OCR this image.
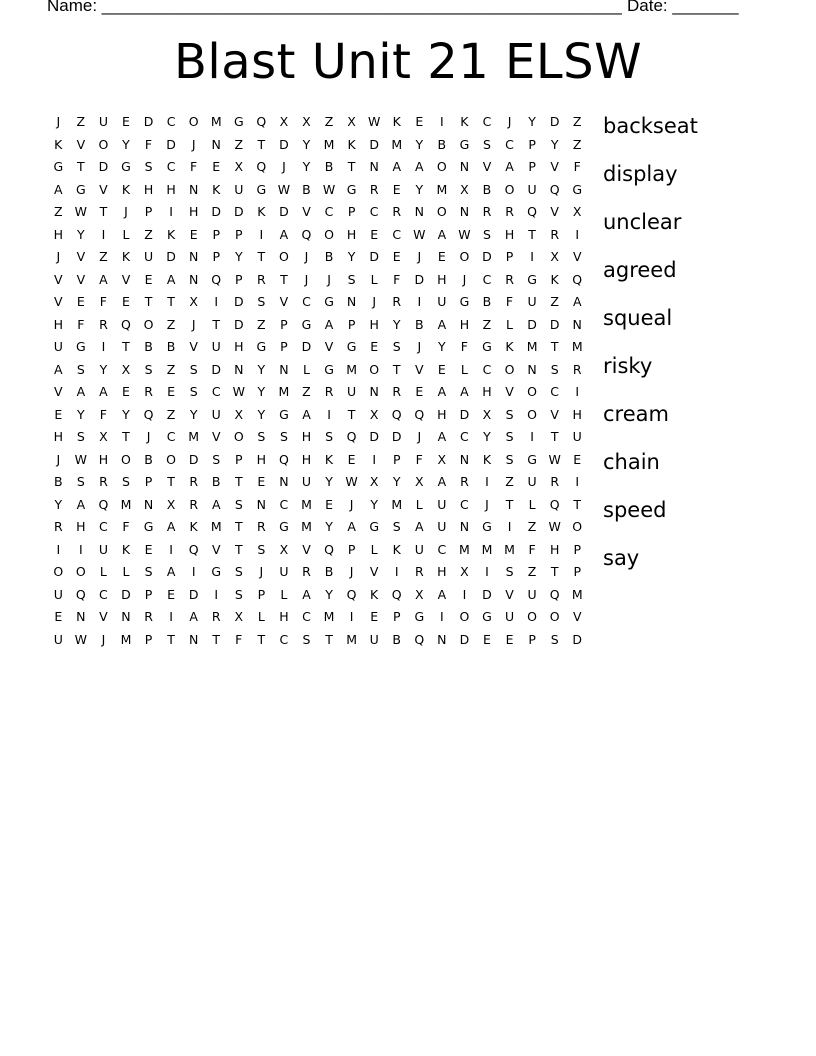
Name: _______________________________________________________ Date: _______
Blast Unit 21 ELSW
J	Z	U	E	D	C	O M G	Q	X	X	Z	X W K	E	I	K	C	J	Y	D	Z
K	V	O	Y	F	D	J	N	Z	T	D	Y	M	K	D M	Y	B	G	S	C	P	Y	Z
G	T	D	G	S	C	F	E	X	Q	J	Y	B	T	N	A	A	O	N	V	A	P	V	F
A	G	V	K	H	H	N	K	U	G W B W G	R	E	Y	M	X	B	O	U	Q	G
Z W	T	J	P	I	H	D	D	K	D	V	C	P	C	R	N	O	N	R	R	Q	V	X
H	Y	I	L	Z	K	E	P	P	I	A	Q	O	H	E	C W A W S	H	T	R	I
J	V	Z	K	U	D	N	P	Y	T	O	J	B	Y	D	E	J	E	O	D	P	I	X	V
V	V	A	V	E	A	N	Q	P	R	T	J	J	S	L	F	D	H	J	C	R	G	K	Q
V	E	F	E	T	T	X	I	D	S	V	C	G	N	J	R	I	U	G	B	F	U	Z	A
H	F	R	Q	O	Z	J	T	D	Z	P	G	A	P	H	Y	B	A	H	Z	L	D	D	N
U	G	I	T	B	B	V	U	H	G	P	D	V	G	E	S	J	Y	F	G	K	M	T	M
A	S	Y	X	S	Z	S	D	N	Y	N	L	G M O	T	V	E	L	C	O	N	S	R
V	A	A	E	R	E	S	C W	Y	M	Z	R	U	N	R	E	A	A	H	V	O	C	I
E	Y	F	Y	Q	Z	Y	U	X	Y	G	A	I	T	X	Q	Q	H	D	X	S	O	V	H
H	S	X	T	J	C	M	V	O	S	S	H	S	Q	D	D	J	A	C	Y	S	I	T	U
J	W H	O	B	O	D	S	P	H	Q	H	K	E	I	P	F	X	N	K	S	G W E
B	S	R	S	P	T	R	B	T	E	N	U	Y	W X	Y	X	A	R	I	Z	U	R	I
Y	A	Q M N	X	R	A	S	N	C	M	E	J	Y	M	L	U	C	J	T	L	Q	T
R	H	C	F	G	A	K	M	T	R	G M	Y	A	G	S	A	U	N	G	I	Z W O
I	I	U	K	E	I	Q	V	T	S	X	V	Q	P	L	K	U	C	M M M	F	H	P
O	O	L	L	S	A	I	G	S	J	U	R	B	J	V	I	R	H	X	I	S	Z	T	P
U	Q	C	D	P	E	D	I	S	P	L	A	Y	Q	K	Q	X	A	I	D	V	U	Q M
E	N	V	N	R	I	A	R	X	L	H	C	M	I	E	P	G	I	O	G	U	O	O	V
U W	J	M	P	T	N	T	F	T	C	S	T	M	U	B	Q	N	D	E	E	P	S	D
backseat
display
unclear
agreed
squeal
risky
cream
chain
speed
say
